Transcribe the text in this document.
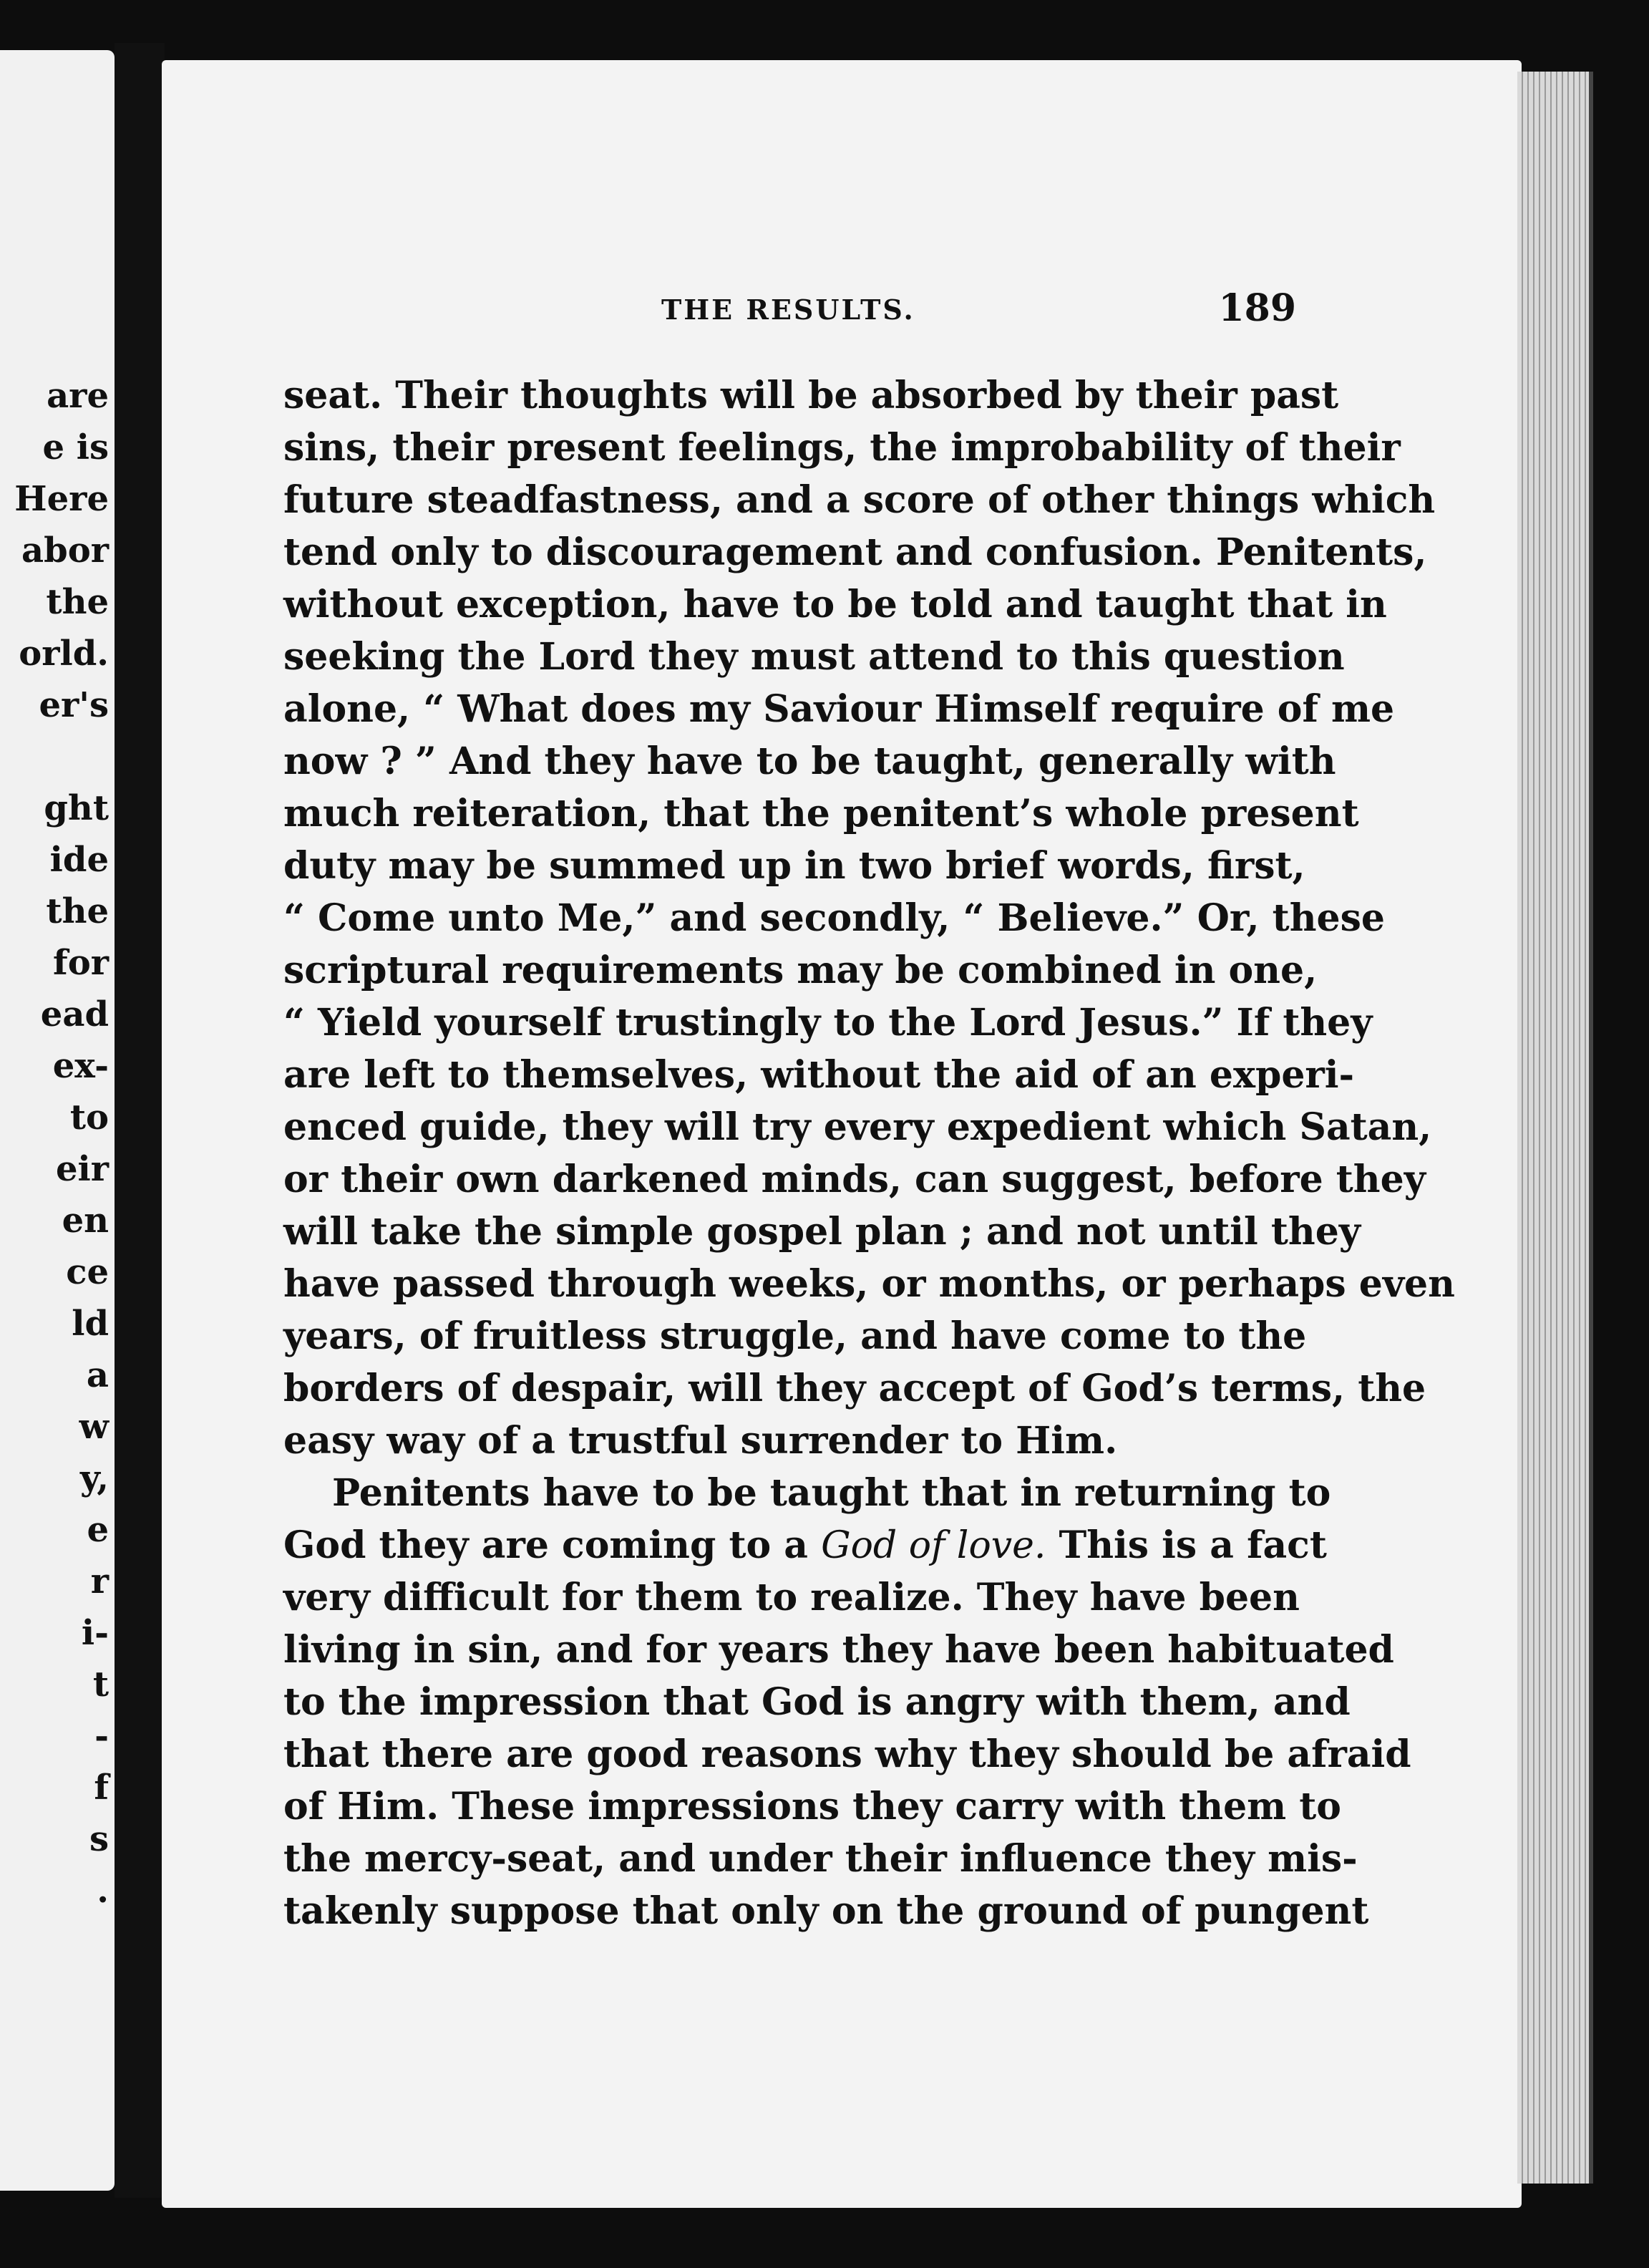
are
e is
Here
abor
the
orld.
er's
ght
ide
the
for
ead
ex-
to
eir
en
ce
ld
a
w
y,
e
r
i-
t
-
f
s
.
THE RESULTS.	189
seat. Their thoughts will be absorbed by their past
sins, their present feelings, the improbability of their
future steadfastness, and a score of other things which
tend only to discouragement and confusion. Penitents,
without exception, have to be told and taught that in
seeking the Lord they must attend to this question
alone, “ What does my Saviour Himself require of me
now ? ” And they have to be taught, generally with
much reiteration, that the penitent’s whole present
duty may be summed up in two brief words, first,
“ Come unto Me,” and secondly, “ Believe.” Or, these
scriptural requirements may be combined in one,
“ Yield yourself trustingly to the Lord Jesus.” If they
are left to themselves, without the aid of an experi-
enced guide, they will try every expedient which Satan,
or their own darkened minds, can suggest, before they
will take the simple gospel plan ; and not until they
have passed through weeks, or months, or perhaps even
years, of fruitless struggle, and have come to the
borders of despair, will they accept of God’s terms, the
easy way of a trustful surrender to Him.
Penitents have to be taught that in returning to
God they are coming to a God of love. This is a fact
very difficult for them to realize. They have been
living in sin, and for years they have been habituated
to the impression that God is angry with them, and
that there are good reasons why they should be afraid
of Him. These impressions they carry with them to
the mercy-seat, and under their influence they mis-
takenly suppose that only on the ground of pungent
